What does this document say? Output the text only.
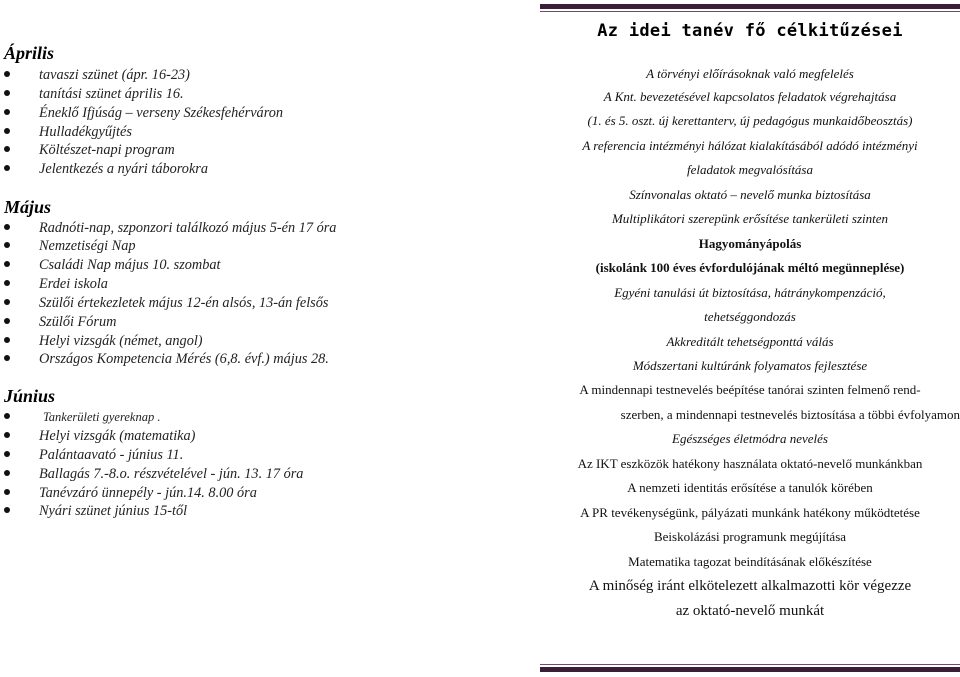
Április
tavaszi szünet (ápr. 16-23)
tanítási szünet április 16.
Éneklő Ifjúság – verseny Székesfehérváron
Hulladékgyűjtés
Költészet-napi program
Jelentkezés a nyári táborokra
Május
Radnóti-nap, szponzori találkozó május 5-én 17 óra
Nemzetiségi Nap
Családi Nap május 10. szombat
Erdei iskola
Szülői értekezletek május 12-én alsós, 13-án felsős
Szülői Fórum
Helyi vizsgák (német, angol)
Országos Kompetencia Mérés (6,8. évf.) május 28.
Június
Tankerületi gyereknap .
Helyi vizsgák (matematika)
Palántaavató - június 11.
Ballagás 7.-8.o. részvételével - jún. 13. 17 óra
Tanévzáró ünnepély - jún.14. 8.00 óra
Nyári szünet június 15-től
Az idei tanév fő célkitűzései
A törvényi előírásoknak való megfelelés
A Knt. bevezetésével kapcsolatos feladatok végrehajtása
(1. és 5. oszt. új kerettanterv, új pedagógus munkaidőbeosztás)
A referencia intézményi hálózat kialakításából adódó intézményi
feladatok megvalósítása
Színvonalas oktató – nevelő munka biztosítása
Multiplikátori szerepünk erősítése tankerületi szinten
Hagyományápolás
(iskolánk 100 éves évfordulójának méltó megünneplése)
Egyéni tanulási út biztosítása, hátránykompenzáció,
tehetséggondozás
Akkreditált tehetségponttá válás
Módszertani kultúránk folyamatos fejlesztése
A mindennapi testnevelés beépítése tanórai szinten felmenő rend-
szerben, a mindennapi testnevelés biztosítása a többi évfolyamon
Egészséges életmódra nevelés
Az IKT eszközök hatékony használata oktató-nevelő munkánkban
A nemzeti identitás erősítése a tanulók körében
A PR tevékenységünk, pályázati munkánk hatékony működtetése
Beiskolázási programunk megújítása
Matematika tagozat beindításának előkészítése
A minőség iránt elkötelezett alkalmazotti kör végezze
az oktató-nevelő munkát
